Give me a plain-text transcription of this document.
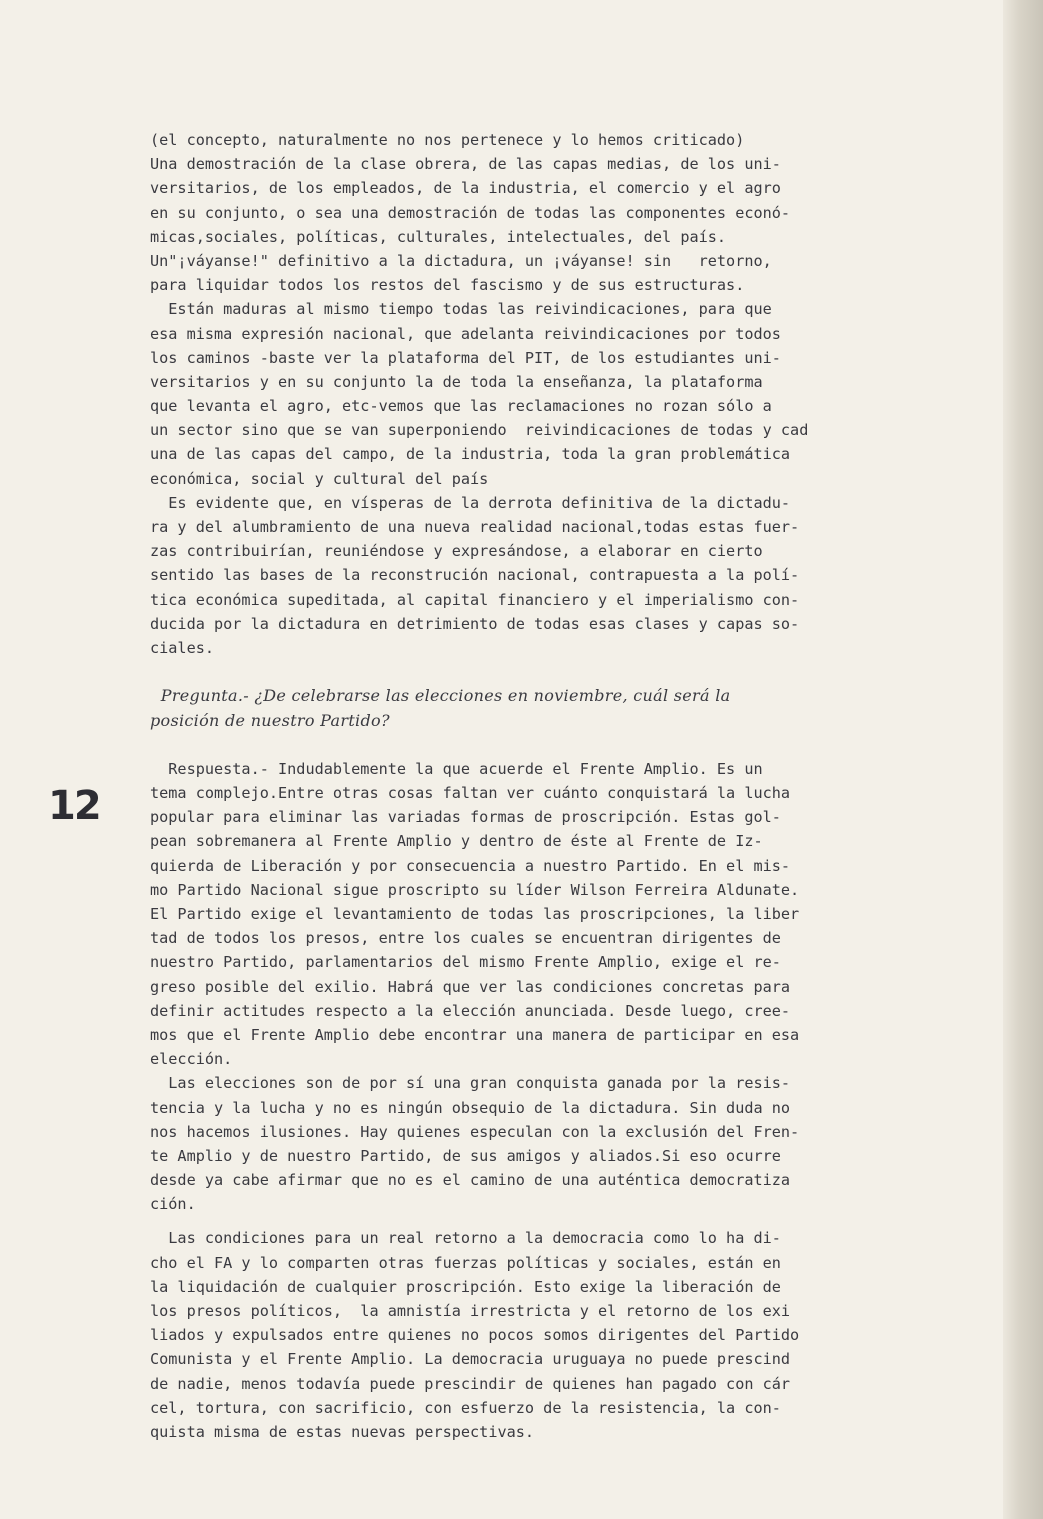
12
(el concepto, naturalmente no nos pertenece y lo hemos criticado)
Una demostración de la clase obrera, de las capas medias, de los uni-
versitarios, de los empleados, de la industria, el comercio y el agro
en su conjunto, o sea una demostración de todas las componentes econó-
micas,sociales, políticas, culturales, intelectuales, del país.
Un"¡váyanse!" definitivo a la dictadura, un ¡váyanse! sin   retorno,
para liquidar todos los restos del fascismo y de sus estructuras.
Están maduras al mismo tiempo todas las reivindicaciones, para que
esa misma expresión nacional, que adelanta reivindicaciones por todos
los caminos -baste ver la plataforma del PIT, de los estudiantes uni-
versitarios y en su conjunto la de toda la enseñanza, la plataforma
que levanta el agro, etc-vemos que las reclamaciones no rozan sólo a
un sector sino que se van superponiendo  reivindicaciones de todas y cad
una de las capas del campo, de la industria, toda la gran problemática
económica, social y cultural del país
Es evidente que, en vísperas de la derrota definitiva de la dictadu-
ra y del alumbramiento de una nueva realidad nacional,todas estas fuer-
zas contribuirían, reuniéndose y expresándose, a elaborar en cierto
sentido las bases de la reconstrución nacional, contrapuesta a la polí-
tica económica supeditada, al capital financiero y el imperialismo con-
ducida por la dictadura en detrimiento de todas esas clases y capas so-
ciales.
Pregunta.- ¿De celebrarse las elecciones en noviembre, cuál será la
posición de nuestro Partido?
Respuesta.- Indudablemente la que acuerde el Frente Amplio. Es un
tema complejo.Entre otras cosas faltan ver cuánto conquistará la lucha
popular para eliminar las variadas formas de proscripción. Estas gol-
pean sobremanera al Frente Amplio y dentro de éste al Frente de Iz-
quierda de Liberación y por consecuencia a nuestro Partido. En el mis-
mo Partido Nacional sigue proscripto su líder Wilson Ferreira Aldunate.
El Partido exige el levantamiento de todas las proscripciones, la liber
tad de todos los presos, entre los cuales se encuentran dirigentes de
nuestro Partido, parlamentarios del mismo Frente Amplio, exige el re-
greso posible del exilio. Habrá que ver las condiciones concretas para
definir actitudes respecto a la elección anunciada. Desde luego, cree-
mos que el Frente Amplio debe encontrar una manera de participar en esa
elección.
Las elecciones son de por sí una gran conquista ganada por la resis-
tencia y la lucha y no es ningún obsequio de la dictadura. Sin duda no
nos hacemos ilusiones. Hay quienes especulan con la exclusión del Fren-
te Amplio y de nuestro Partido, de sus amigos y aliados.Si eso ocurre
desde ya cabe afirmar que no es el camino de una auténtica democratiza
ción.
Las condiciones para un real retorno a la democracia como lo ha di-
cho el FA y lo comparten otras fuerzas políticas y sociales, están en
la liquidación de cualquier proscripción. Esto exige la liberación de
los presos políticos,  la amnistía irrestricta y el retorno de los exi
liados y expulsados entre quienes no pocos somos dirigentes del Partido
Comunista y el Frente Amplio. La democracia uruguaya no puede prescind
de nadie, menos todavía puede prescindir de quienes han pagado con cár
cel, tortura, con sacrificio, con esfuerzo de la resistencia, la con-
quista misma de estas nuevas perspectivas.
